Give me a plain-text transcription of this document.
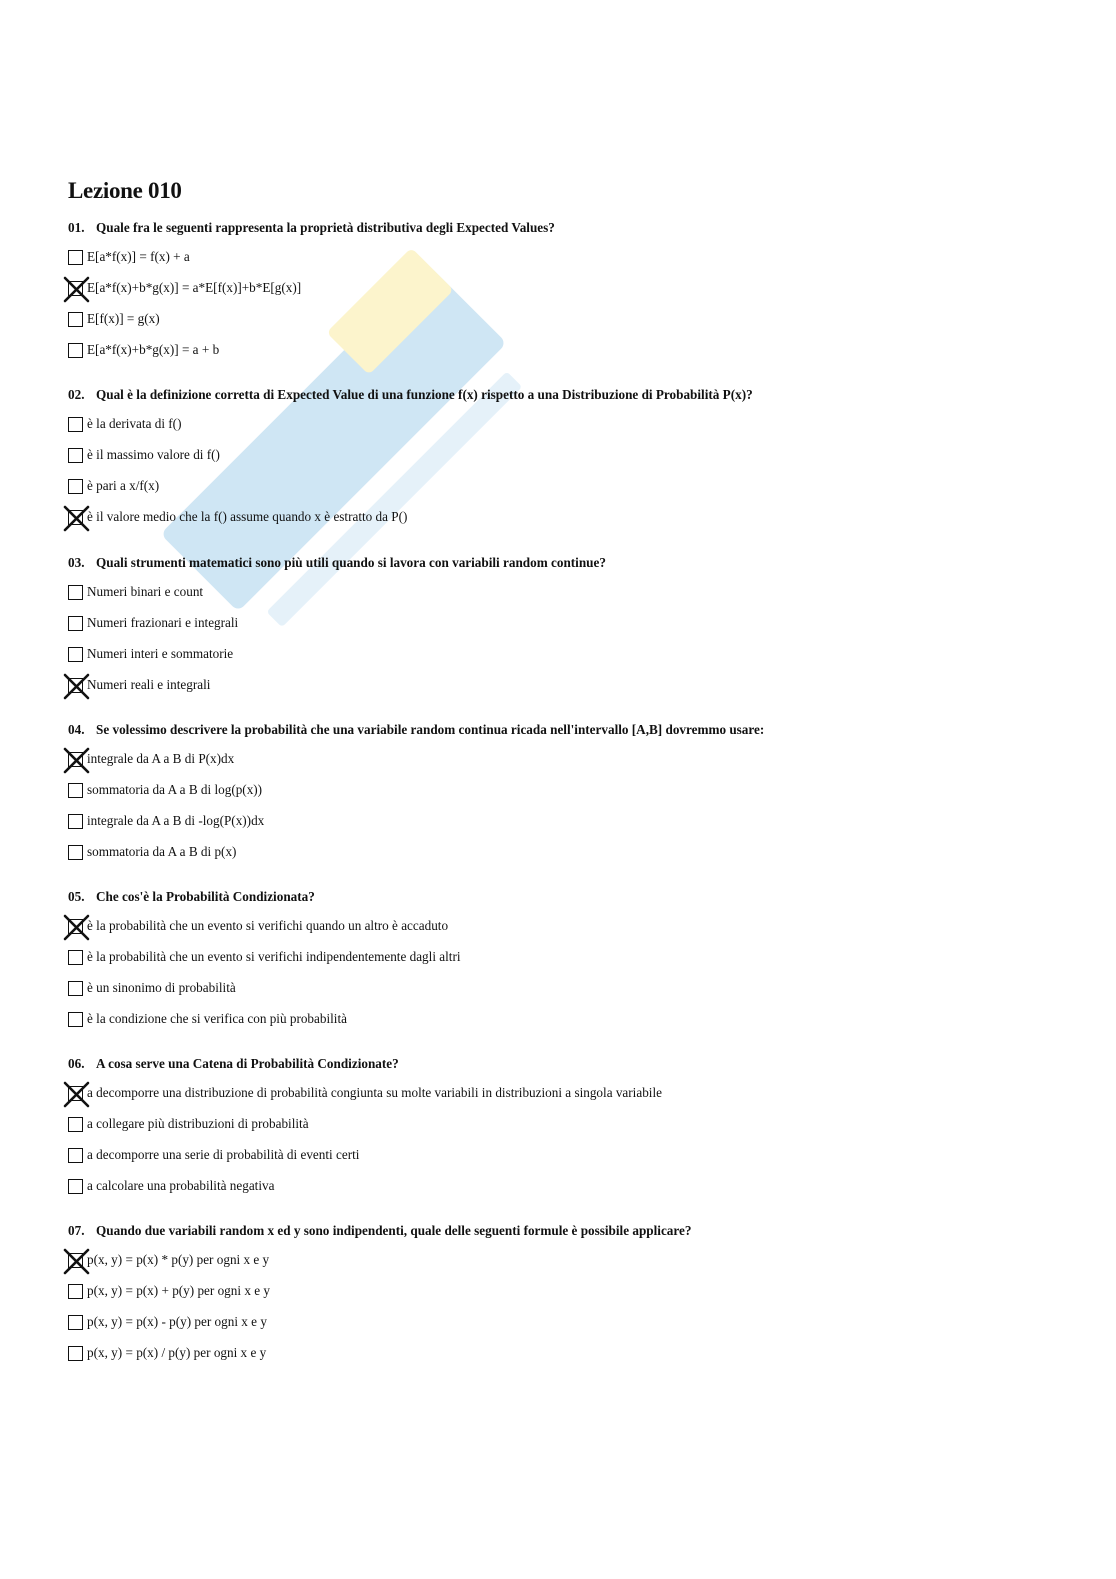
Lezione 010
01. Quale fra le seguenti rappresenta la proprietà distributiva degli Expected Values?
E[a*f(x)] = f(x) + a
E[a*f(x)+b*g(x)] = a*E[f(x)]+b*E[g(x)]
E[f(x)] = g(x)
E[a*f(x)+b*g(x)] = a + b
02. Qual è la definizione corretta di Expected Value di una funzione f(x) rispetto a una Distribuzione di Probabilità P(x)?
è la derivata di f()
è il massimo valore di f()
è pari a x/f(x)
è il valore medio che la f() assume quando x è estratto da P()
03. Quali strumenti matematici sono più utili quando si lavora con variabili random continue?
Numeri binari e count
Numeri frazionari e integrali
Numeri interi e sommatorie
Numeri reali e integrali
04. Se volessimo descrivere la probabilità che una variabile random continua ricada nell'intervallo [A,B] dovremmo usare:
integrale da A a B di P(x)dx
sommatoria da A a B di log(p(x))
integrale da A a B di -log(P(x))dx
sommatoria da A a B di p(x)
05. Che cos'è la Probabilità Condizionata?
è la probabilità che un evento si verifichi quando un altro è accaduto
è la probabilità che un evento si verifichi indipendentemente dagli altri
è un sinonimo di probabilità
è la condizione che si verifica con più probabilità
06. A cosa serve una Catena di Probabilità Condizionate?
a decomporre una distribuzione di probabilità congiunta su molte variabili in distribuzioni a singola variabile
a collegare più distribuzioni di probabilità
a decomporre una serie di probabilità di eventi certi
a calcolare una probabilità negativa
07. Quando due variabili random x ed y sono indipendenti, quale delle seguenti formule è possibile applicare?
p(x, y) = p(x) * p(y) per ogni x e y
p(x, y) = p(x) + p(y) per ogni x e y
p(x, y) = p(x) - p(y) per ogni x e y
p(x, y) = p(x) / p(y) per ogni x e y
